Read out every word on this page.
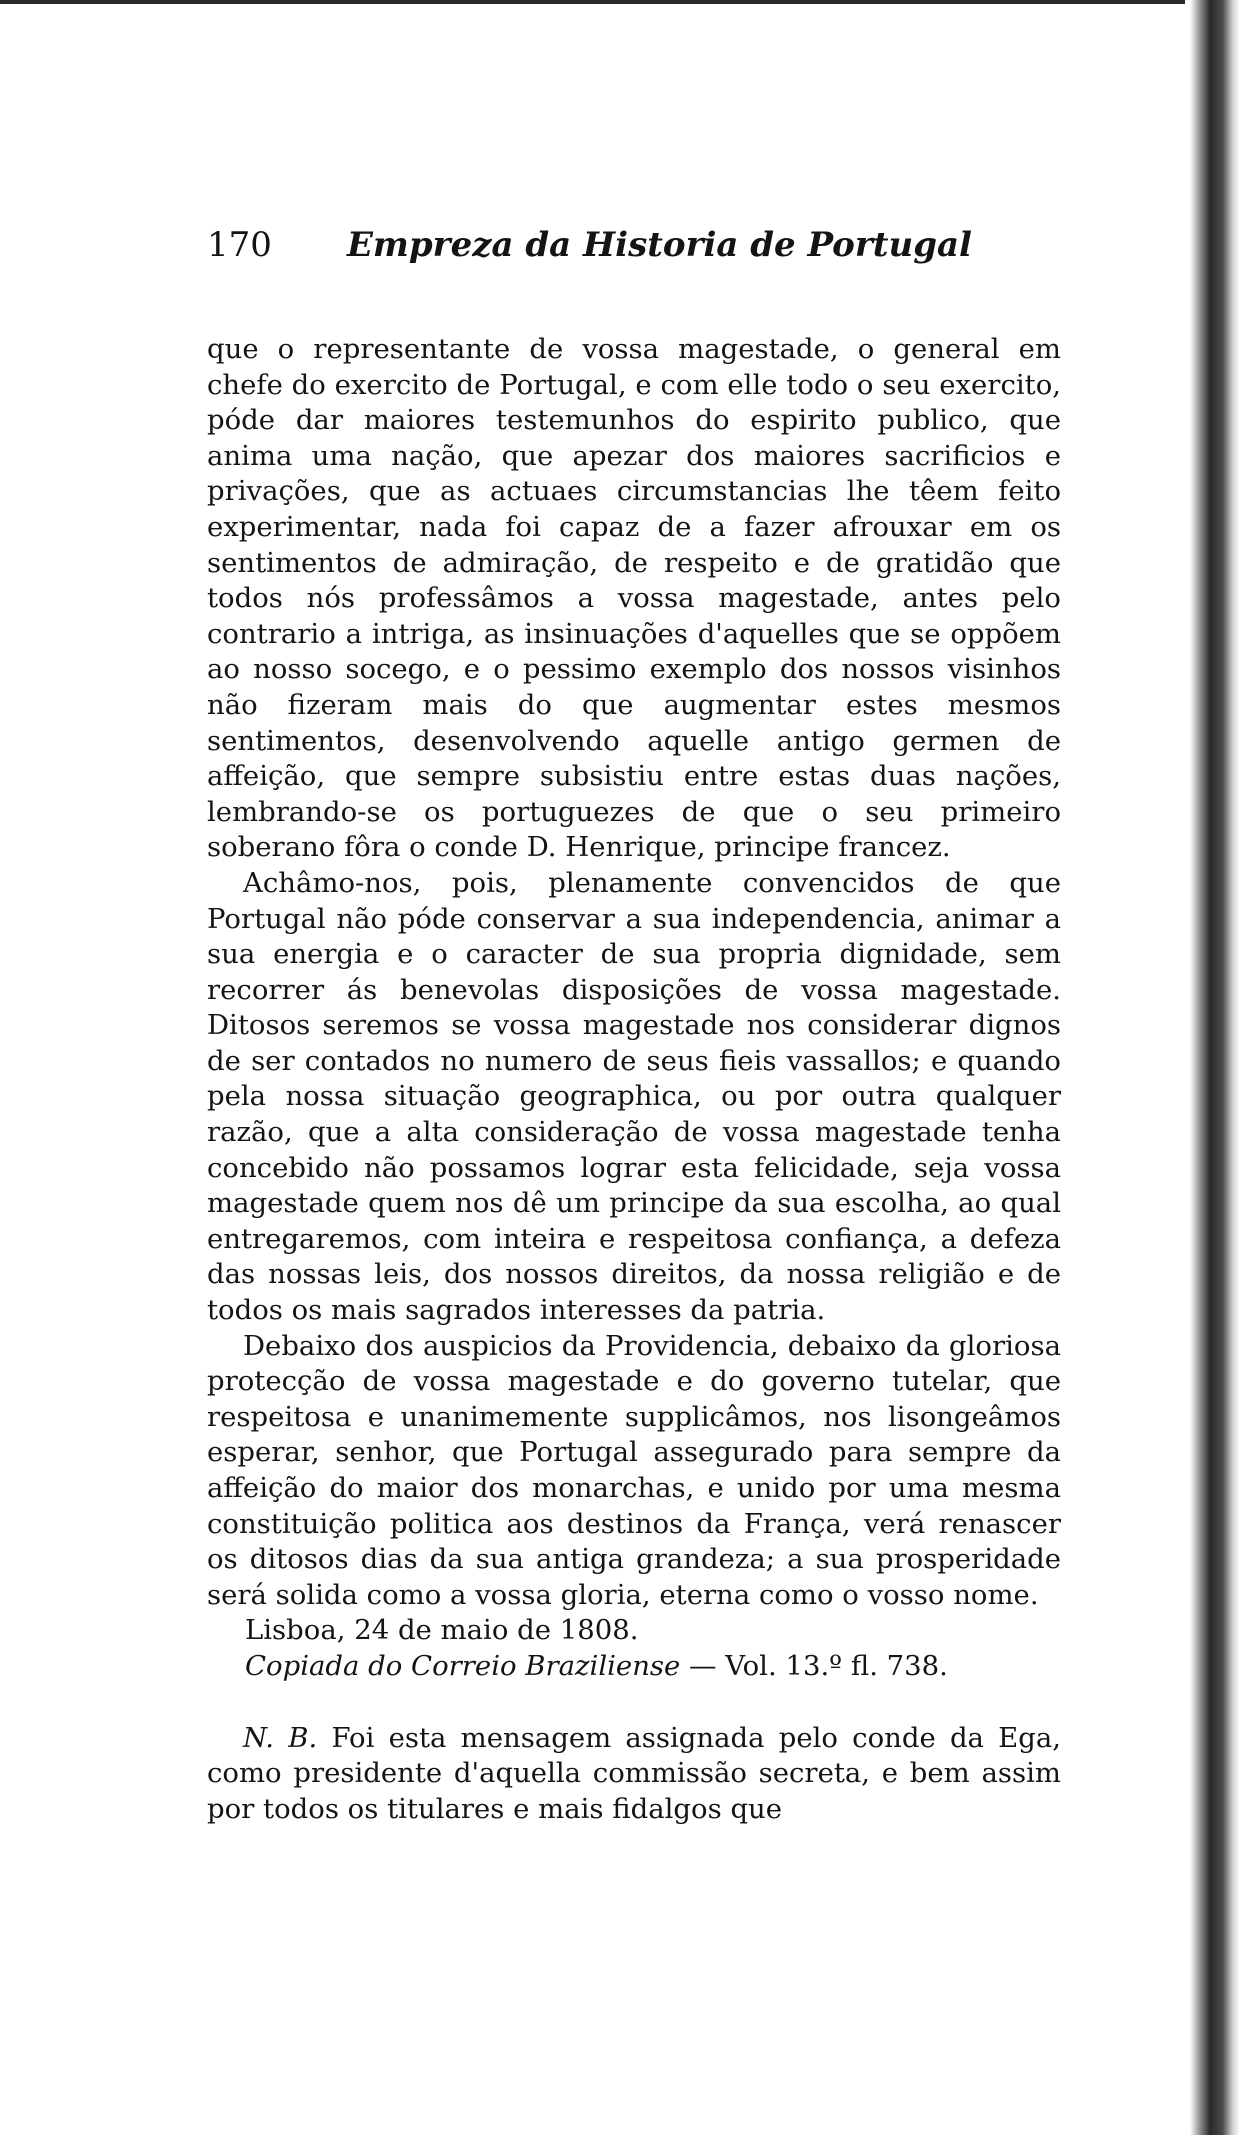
170 Empreza da Historia de Portugal

que o representante de vossa magestade, o general em chefe do exercito de Portugal, e com elle todo o seu exercito, póde dar maiores testemunhos do espirito publico, que anima uma nação, que apezar dos maiores sacrificios e privações, que as actuaes circumstancias lhe têem feito experimentar, nada foi capaz de a fazer afrouxar em os sentimentos de admiração, de respeito e de gratidão que todos nós professâmos a vossa magestade, antes pelo contrario a intriga, as insinuações d'aquelles que se oppõem ao nosso socego, e o pessimo exemplo dos nossos visinhos não fizeram mais do que augmentar estes mesmos sentimentos, desenvolvendo aquelle antigo germen de affeição, que sempre subsistiu entre estas duas nações, lembrando-se os portuguezes de que o seu primeiro soberano fôra o conde D. Henrique, principe francez.

Achâmo-nos, pois, plenamente convencidos de que Portugal não póde conservar a sua independencia, animar a sua energia e o caracter de sua propria dignidade, sem recorrer ás benevolas disposições de vossa magestade. Ditosos seremos se vossa magestade nos considerar dignos de ser contados no numero de seus fieis vassallos; e quando pela nossa situação geographica, ou por outra qualquer razão, que a alta consideração de vossa magestade tenha concebido não possamos lograr esta felicidade, seja vossa magestade quem nos dê um principe da sua escolha, ao qual entregaremos, com inteira e respeitosa confiança, a defeza das nossas leis, dos nossos direitos, da nossa religião e de todos os mais sagrados interesses da patria.

Debaixo dos auspicios da Providencia, debaixo da gloriosa protecção de vossa magestade e do governo tutelar, que respeitosa e unanimemente supplicâmos, nos lisongeâmos esperar, senhor, que Portugal assegurado para sempre da affeição do maior dos monarchas, e unido por uma mesma constituição politica aos destinos da França, verá renascer os ditosos dias da sua antiga grandeza; a sua prosperidade será solida como a vossa gloria, eterna como o vosso nome.

Lisboa, 24 de maio de 1808.

Copiada do Correio Braziliense — Vol. 13.º fl. 738.

N. B. Foi esta mensagem assignada pelo conde da Ega, como presidente d'aquella commissão secreta, e bem assim por todos os titulares e mais fidalgos que
